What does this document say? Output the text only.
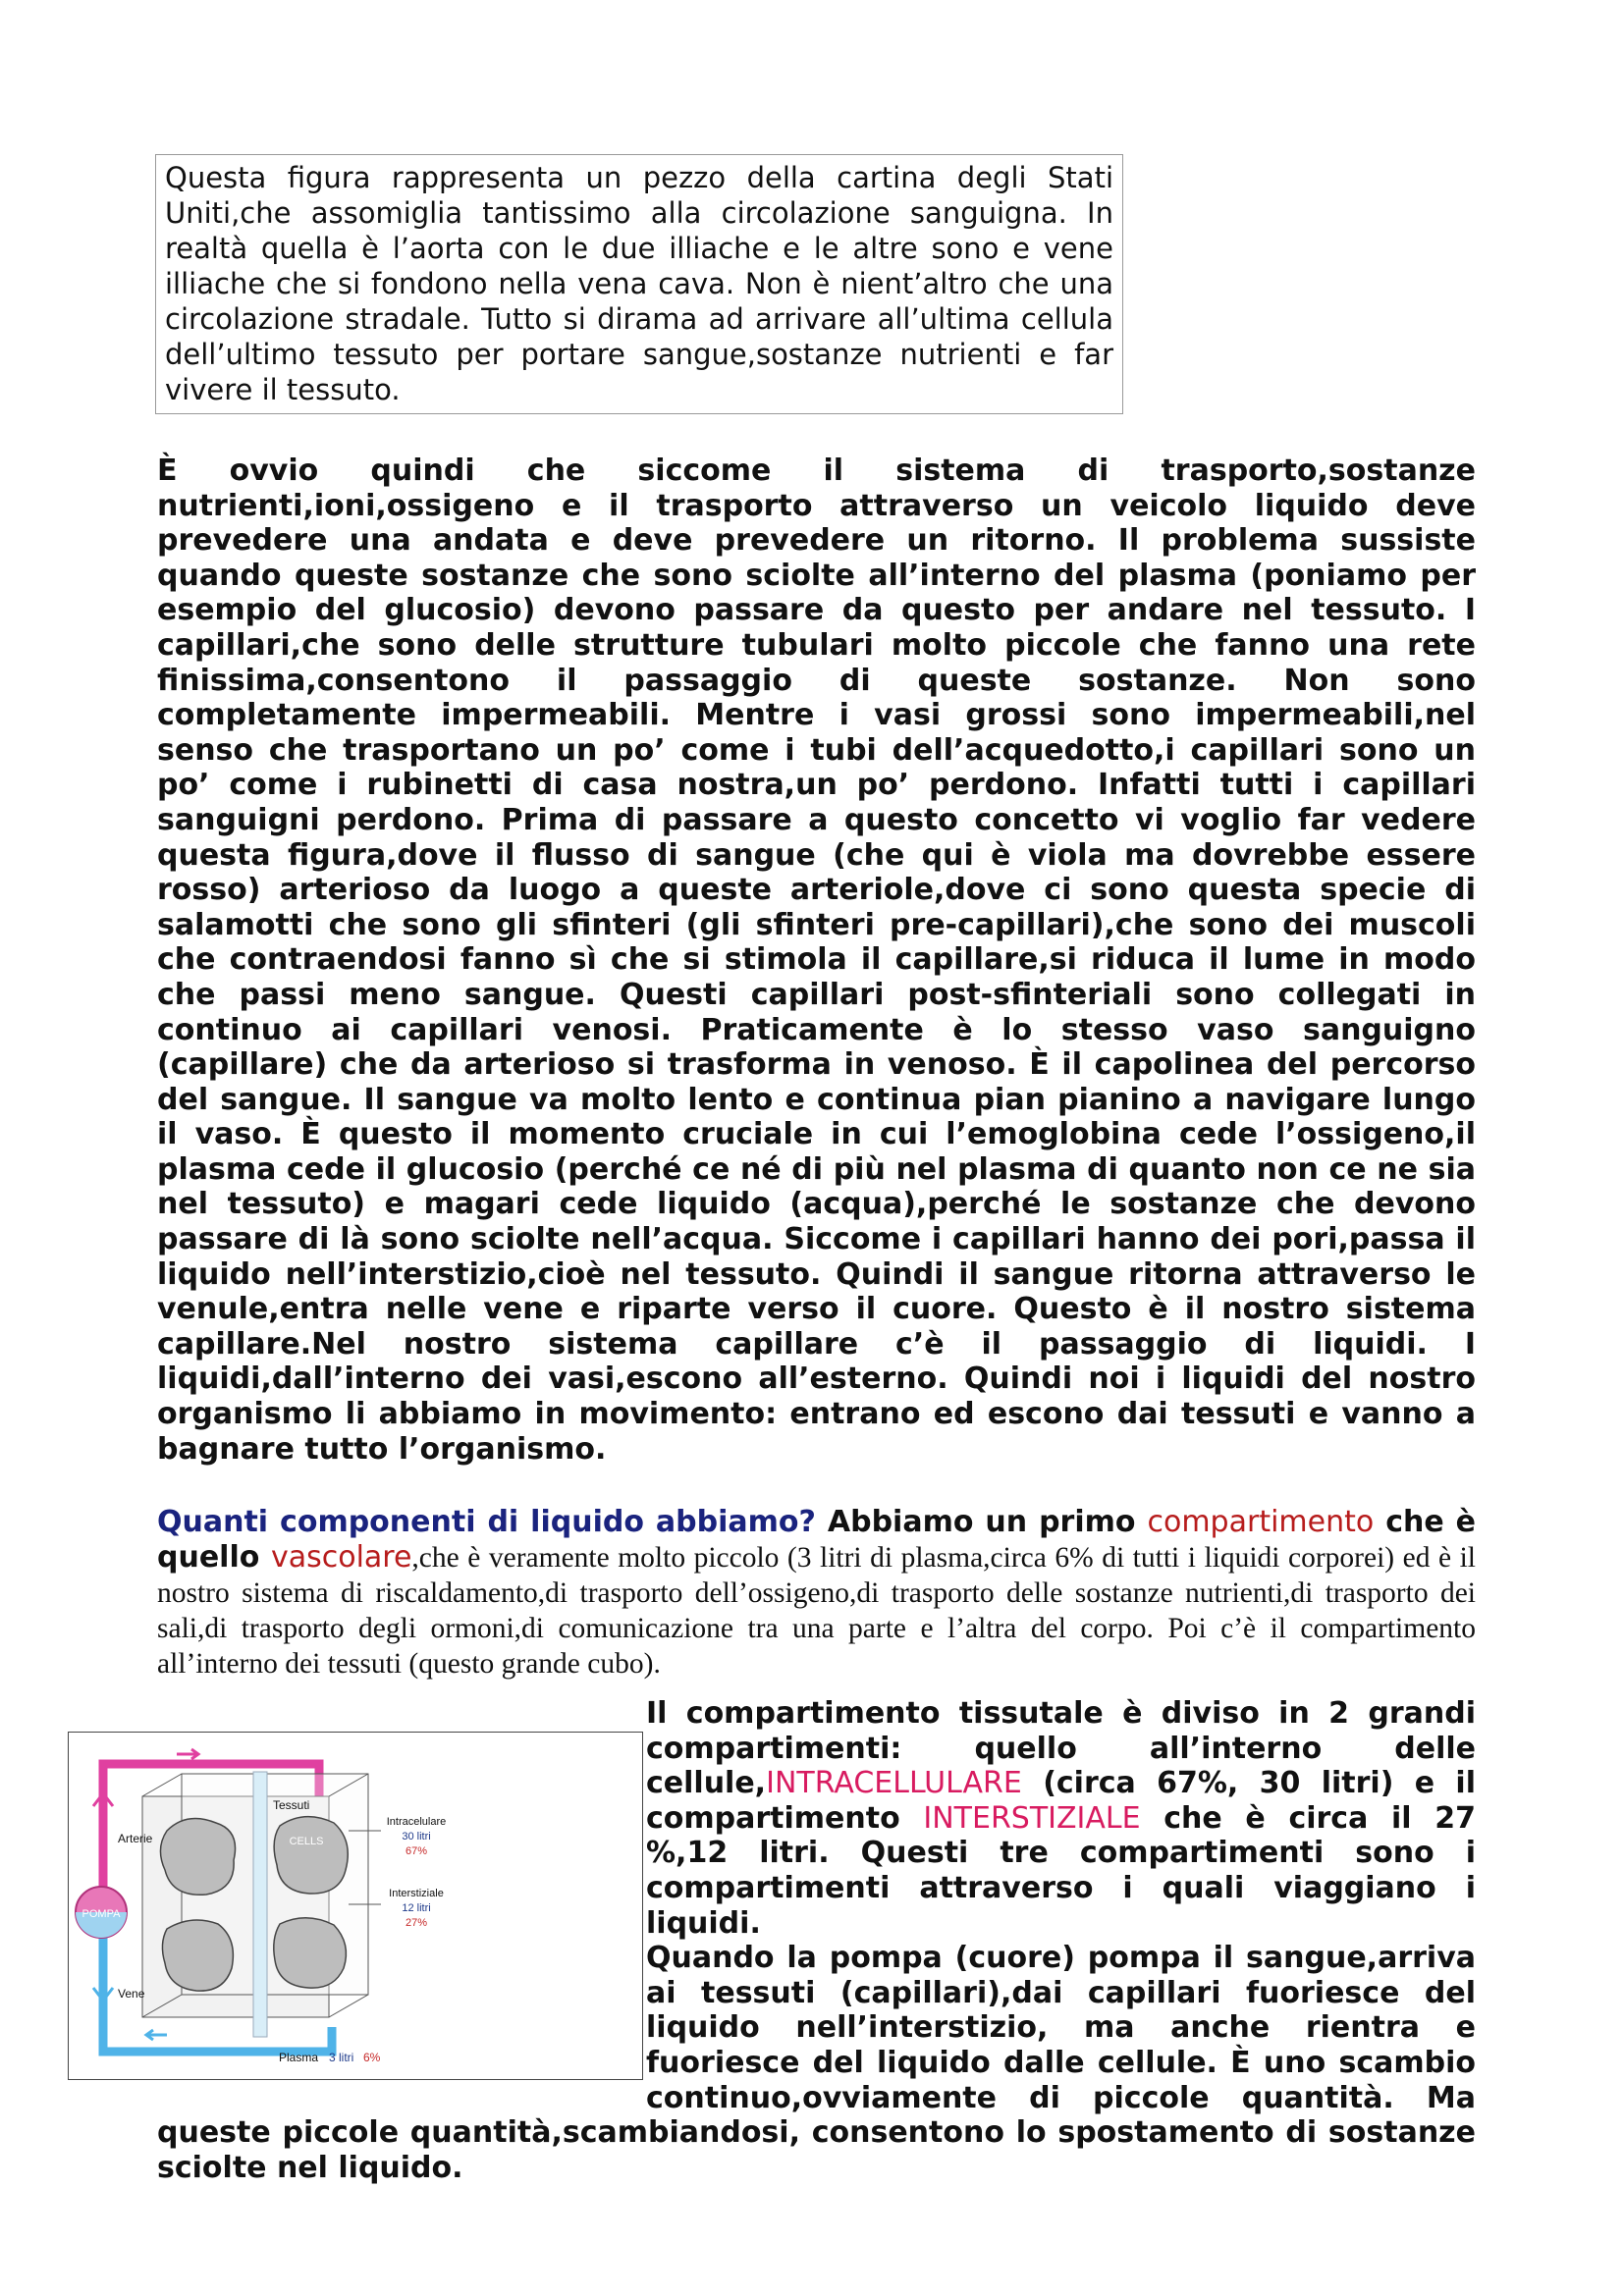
Questa figura rappresenta un pezzo della cartina degli Stati Uniti,che assomiglia tantissimo alla circolazione sanguigna. In realtà quella è l’aorta con le due illiache e le altre sono e vene illiache che si fondono nella vena cava. Non è nient’altro che una circolazione stradale. Tutto si dirama ad arrivare all’ultima cellula dell’ultimo tessuto per portare sangue,sostanze nutrienti e far vivere il tessuto.
È ovvio quindi che siccome il sistema di trasporto,sostanze nutrienti,ioni,ossigeno e il trasporto attraverso un veicolo liquido deve prevedere una andata e deve prevedere un ritorno. Il problema sussiste quando queste sostanze che sono sciolte all’interno del plasma (poniamo per esempio del glucosio) devono passare da questo per andare nel tessuto. I capillari,che sono delle strutture tubulari molto piccole che fanno una rete finissima,consentono il passaggio di queste sostanze. Non sono completamente impermeabili. Mentre i vasi grossi sono impermeabili,nel senso che trasportano un po’ come i tubi dell’acquedotto,i capillari sono un po’ come i rubinetti di casa nostra,un po’ perdono. Infatti tutti i capillari sanguigni perdono. Prima di passare a questo concetto vi voglio far vedere questa figura,dove il flusso di sangue (che qui è viola ma dovrebbe essere rosso) arterioso da luogo a queste arteriole,dove ci sono questa specie di salamotti che sono gli sfinteri (gli sfinteri pre-capillari),che sono dei muscoli che contraendosi fanno sì che si stimola il capillare,si riduca il lume in modo che passi meno sangue. Questi capillari post-sfinteriali sono collegati in continuo ai capillari venosi. Praticamente è lo stesso vaso sanguigno (capillare) che da arterioso si trasforma in venoso. È il capolinea del percorso del sangue. Il sangue va molto lento e continua pian pianino a navigare lungo il vaso. È questo il momento cruciale in cui l’emoglobina cede l’ossigeno,il plasma cede il glucosio (perché ce né di più nel plasma di quanto non ce ne sia nel tessuto) e magari cede liquido (acqua),perché le sostanze che devono passare di là sono sciolte nell’acqua. Siccome i capillari hanno dei pori,passa il liquido nell’interstizio,cioè nel tessuto. Quindi il sangue ritorna attraverso le venule,entra nelle vene e riparte verso il cuore. Questo è il nostro sistema capillare.Nel nostro sistema capillare c’è il passaggio di liquidi. I liquidi,dall’interno dei vasi,escono all’esterno. Quindi noi i liquidi del nostro organismo li abbiamo in movimento: entrano ed escono dai tessuti e vanno a bagnare tutto l’organismo.
Quanti componenti di liquido abbiamo? Abbiamo un primo compartimento che è quello vascolare,che è veramente molto piccolo (3 litri di plasma,circa 6% di tutti i liquidi corporei) ed è il nostro sistema di riscaldamento,di trasporto dell’ossigeno,di trasporto delle sostanze nutrienti,di trasporto dei sali,di trasporto degli ormoni,di comunicazione tra una parte e l’altra del corpo. Poi c’è il compartimento all’interno dei tessuti (questo grande cubo).
Il compartimento tissutale è diviso in 2 grandi compartimenti: quello all’interno delle cellule,INTRACELLULARE (circa 67%, 30 litri) e il compartimento INTERSTIZIALE che è circa il 27 %,12 litri. Questi tre compartimenti sono i compartimenti attraverso i quali viaggiano i liquidi.
Quando la pompa (cuore) pompa il sangue,arriva ai tessuti (capillari),dai capillari fuoriesce del liquido nell’interstizio, ma anche rientra e fuoriesce del liquido dalle cellule. È uno scambio continuo,ovviamente di piccole quantità. Ma queste piccole quantità,scambiandosi, consentono lo spostamento di sostanze sciolte nel liquido.
POMPA
CELLS
Tessuti
Arterie
Vene
Intracelulare
30 litri
67%
Interstiziale
12 litri
27%
Plasma 3 litri 6%
